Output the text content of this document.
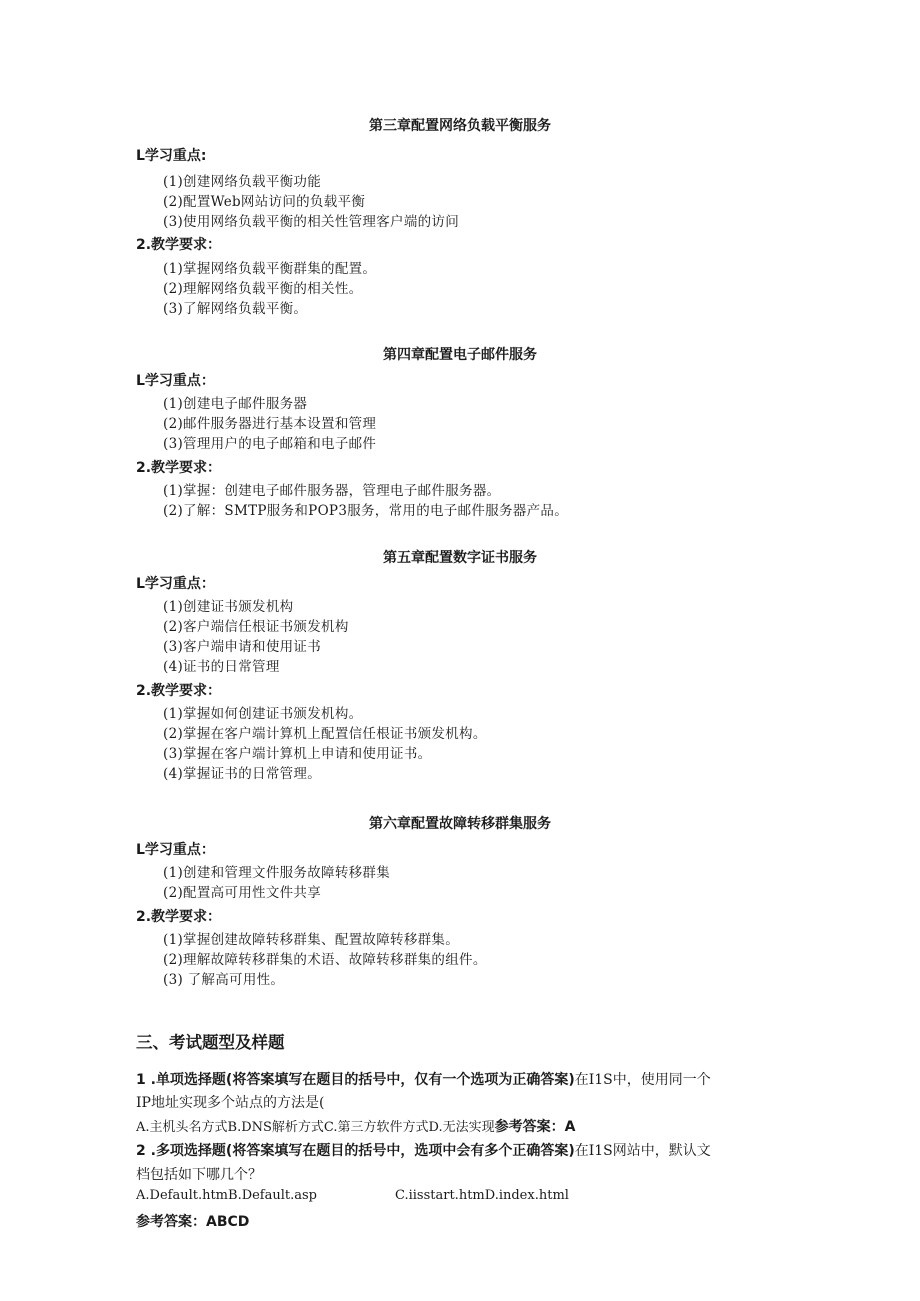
第三章配置网络负载平衡服务
L学习重点:
(1)创建网络负载平衡功能
(2)配置Web网站访问的负载平衡
(3)使用网络负载平衡的相关性管理客户端的访问
2.教学要求：
(1)掌握网络负载平衡群集的配置。
(2)理解网络负载平衡的相关性。
(3)了解网络负载平衡。
第四章配置电子邮件服务
L学习重点：
(1)创建电子邮件服务器
(2)邮件服务器进行基本设置和管理
(3)管理用户的电子邮箱和电子邮件
2.教学要求：
(1)掌握：创建电子邮件服务器，管理电子邮件服务器。
(2)了解：SMTP服务和POP3服务，常用的电子邮件服务器产品。
第五章配置数字证书服务
L学习重点：
(1)创建证书颁发机构
(2)客户端信任根证书颁发机构
(3)客户端申请和使用证书
(4)证书的日常管理
2.教学要求：
(1)掌握如何创建证书颁发机构。
(2)掌握在客户端计算机上配置信任根证书颁发机构。
(3)掌握在客户端计算机上申请和使用证书。
(4)掌握证书的日常管理。
第六章配置故障转移群集服务
L学习重点：
(1)创建和管理文件服务故障转移群集
(2)配置高可用性文件共享
2.教学要求：
(1)掌握创建故障转移群集、配置故障转移群集。
(2)理解故障转移群集的术语、故障转移群集的组件。
(3) 了解高可用性。
三、考试题型及样题
1 .单项选择题(将答案填写在题目的括号中，仅有一个选项为正确答案)在I1S中，使用同一个
IP地址实现多个站点的方法是(
A.主机头名方式B.DNS解析方式C.第三方软件方式D.无法实现参考答案：A
2 .多项选择题(将答案填写在题目的括号中，选项中会有多个正确答案)在I1S网站中，默认文
档包括如下哪几个？
A.Default.htmB.Default.asp	C.iisstart.htmD.index.html
参考答案：ABCD
